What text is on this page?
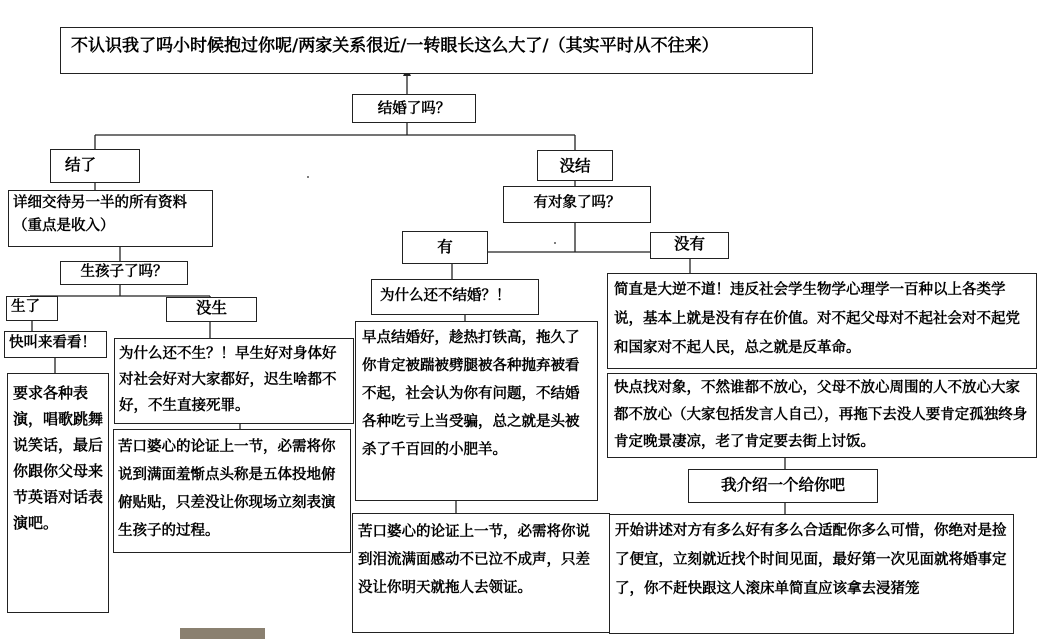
不认识我了吗小时候抱过你呢/两家关系很近/一转眼长这么大了/（其实平时从不往来）
结婚了吗？
结了
详细交待另一半的所有资料（重点是收入）
生孩子了吗？
生了
快叫来看看！
要求各种表演，唱歌跳舞说笑话，最后你跟你父母来节英语对话表演吧。
没生
为什么还不生？！早生好对身体好对社会好对大家都好，迟生啥都不好，不生直接死罪。
苦口婆心的论证上一节，必需将你说到满面羞惭点头称是五体投地俯俯贴贴，只差没让你现场立刻表演生孩子的过程。
没结
有对象了吗？
有
为什么还不结婚？！
早点结婚好，趁热打铁高，拖久了你肯定被踹被劈腿被各种抛弃被看不起，社会认为你有问题，不结婚各种吃亏上当受骗，总之就是头被杀了千百回的小肥羊。
苦口婆心的论证上一节，必需将你说到泪流满面感动不已泣不成声，只差没让你明天就拖人去领证。
没有
简直是大逆不道！违反社会学生物学心理学一百种以上各类学说，基本上就是没有存在价值。对不起父母对不起社会对不起党和国家对不起人民，总之就是反革命。
快点找对象，不然谁都不放心，父母不放心周围的人不放心大家都不放心（大家包括发言人自己），再拖下去没人要肯定孤独终身肯定晚景凄凉，老了肯定要去街上讨饭。
我介绍一个给你吧
开始讲述对方有多么好有多么合适配你多么可惜，你绝对是捡了便宜，立刻就近找个时间见面，最好第一次见面就将婚事定了，你不赶快跟这人滚床单简直应该拿去浸猪笼
